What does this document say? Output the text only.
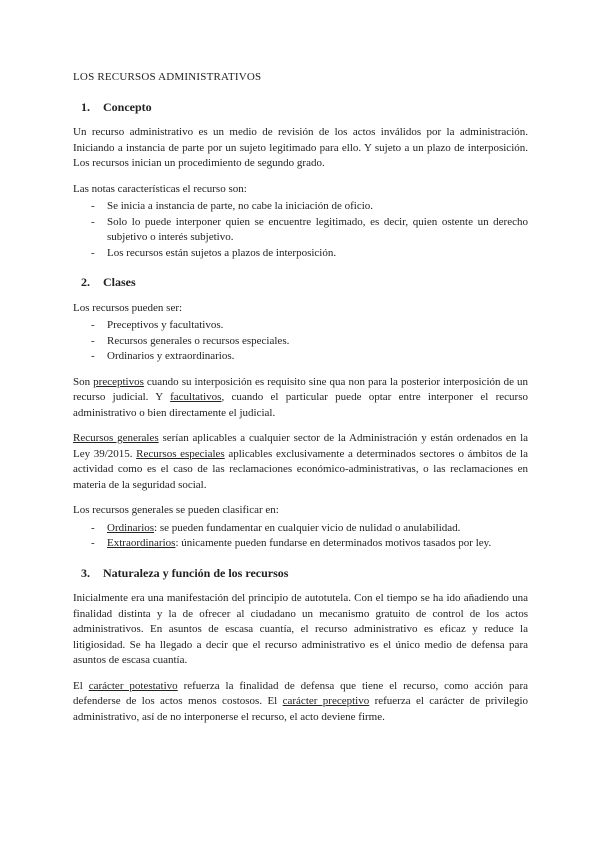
LOS RECURSOS ADMINISTRATIVOS
1.	Concepto

Un recurso administrativo es un medio de revisión de los actos inválidos por la administración. Iniciando a instancia de parte por un sujeto legitimado para ello. Y sujeto a un plazo de interposición. Los recursos inician un procedimiento de segundo grado.

Las notas características el recurso son:

- Se inicia a instancia de parte, no cabe la iniciación de oficio.
- Solo lo puede interponer quien se encuentre legitimado, es decir, quien ostente un derecho subjetivo o interés subjetivo.
- Los recursos están sujetos a plazos de interposición.
2.	Clases

Los recursos pueden ser:

- Preceptivos y facultativos.
- Recursos generales o recursos especiales.
- Ordinarios y extraordinarios.

Son preceptivos cuando su interposición es requisito sine qua non para la posterior interposición de un recurso judicial. Y facultativos, cuando el particular puede optar entre interponer el recurso administrativo o bien directamente el judicial.

Recursos generales serían aplicables a cualquier sector de la Administración y están ordenados en la Ley 39/2015. Recursos especiales aplicables exclusivamente a determinados sectores o ámbitos de la actividad como es el caso de las reclamaciones económico-administrativas, o las reclamaciones en materia de la seguridad social.

Los recursos generales se pueden clasificar en:

- Ordinarios: se pueden fundamentar en cualquier vicio de nulidad o anulabilidad.
- Extraordinarios: únicamente pueden fundarse en determinados motivos tasados por ley.
3.	Naturaleza y función de los recursos

Inicialmente era una manifestación del principio de autotutela. Con el tiempo se ha ido añadiendo una finalidad distinta y la de ofrecer al ciudadano un mecanismo gratuito de control de los actos administrativos. En asuntos de escasa cuantía, el recurso administrativo es eficaz y reduce la litigiosidad. Se ha llegado a decir que el recurso administrativo es el único medio de defensa para asuntos de escasa cuantía.

El carácter potestativo refuerza la finalidad de defensa que tiene el recurso, como acción para defenderse de los actos menos costosos. El carácter preceptivo refuerza el carácter de privilegio administrativo, así de no interponerse el recurso, el acto deviene firme.
